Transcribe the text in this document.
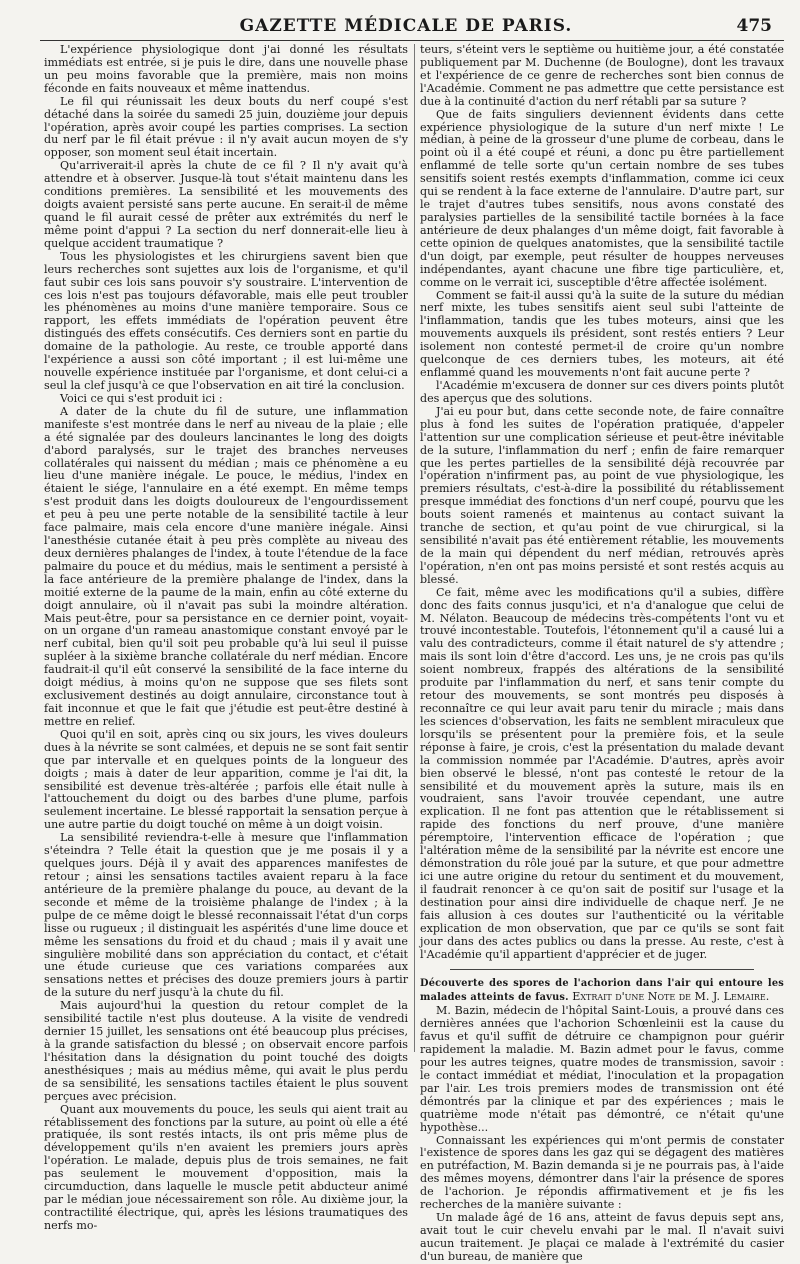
GAZETTE MÉDICALE DE PARIS.	475

L'expérience physiologique dont j'ai donné les résultats immédiats est entrée, si je puis le dire, dans une nouvelle phase un peu moins favorable que la première, mais non moins féconde en faits nouveaux et même inattendus.

Le fil qui réunissait les deux bouts du nerf coupé s'est détaché dans la soirée du samedi 25 juin, douzième jour depuis l'opération, après avoir coupé les parties comprises. La section du nerf par le fil était prévue : il n'y avait aucun moyen de s'y opposer, son moment seul était incertain.

Qu'arriverait-il après la chute de ce fil ? Il n'y avait qu'à attendre et à observer. Jusque-là tout s'était maintenu dans les conditions premières. La sensibilité et les mouvements des doigts avaient persisté sans perte aucune. En serait-il de même quand le fil aurait cessé de prêter aux extrémités du nerf le même point d'appui ? La section du nerf donnerait-elle lieu à quelque accident traumatique ?

Tous les physiologistes et les chirurgiens savent bien que leurs recherches sont sujettes aux lois de l'organisme, et qu'il faut subir ces lois sans pouvoir s'y soustraire. L'intervention de ces lois n'est pas toujours défavorable, mais elle peut troubler les phénomènes au moins d'une manière temporaire. Sous ce rapport, les effets immédiats de l'opération peuvent être distingués des effets consécutifs. Ces derniers sont en partie du domaine de la pathologie. Au reste, ce trouble apporté dans l'expérience a aussi son côté important ; il est lui-même une nouvelle expérience instituée par l'organisme, et dont celui-ci a seul la clef jusqu'à ce que l'observation en ait tiré la conclusion.

Voici ce qui s'est produit ici :

A dater de la chute du fil de suture, une inflammation manifeste s'est montrée dans le nerf au niveau de la plaie ; elle a été signalée par des douleurs lancinantes le long des doigts d'abord paralysés, sur le trajet des branches nerveuses collatérales qui naissent du médian ; mais ce phénomène a eu lieu d'une manière inégale. Le pouce, le médius, l'index en étaient le siége, l'annulaire en a été exempt. En même temps s'est produit dans les doigts douloureux de l'engourdissement et peu à peu une perte notable de la sensibilité tactile à leur face palmaire, mais cela encore d'une manière inégale. Ainsi l'anesthésie cutanée était à peu près complète au niveau des deux dernières phalanges de l'index, à toute l'étendue de la face palmaire du pouce et du médius, mais le sentiment a persisté à la face antérieure de la première phalange de l'index, dans la moitié externe de la paume de la main, enfin au côté externe du doigt annulaire, où il n'avait pas subi la moindre altération. Mais peut-être, pour sa persistance en ce dernier point, voyait-on un organe d'un rameau anastomique constant envoyé par le nerf cubital, bien qu'il soit peu probable qu'à lui seul il puisse supléer à la sixième branche collatérale du nerf médian. Encore faudrait-il qu'il eût conservé la sensibilité de la face interne du doigt médius, à moins qu'on ne suppose que ses filets sont exclusivement destinés au doigt annulaire, circonstance tout à fait inconnue et que le fait que j'étudie est peut-être destiné à mettre en relief.

Quoi qu'il en soit, après cinq ou six jours, les vives douleurs dues à la névrite se sont calmées, et depuis ne se sont fait sentir que par intervalle et en quelques points de la longueur des doigts ; mais à dater de leur apparition, comme je l'ai dit, la sensibilité est devenue très-altérée ; parfois elle était nulle à l'attouchement du doigt ou des barbes d'une plume, parfois seulement incertaine. Le blessé rapportait la sensation perçue à une autre partie du doigt touché on même à un doigt voisin.

La sensibilité reviendra-t-elle à mesure que l'inflammation s'éteindra ? Telle était la question que je me posais il y a quelques jours. Déjà il y avait des apparences manifestes de retour ; ainsi les sensations tactiles avaient reparu à la face antérieure de la première phalange du pouce, au devant de la seconde et même de la troisième phalange de l'index ; à la pulpe de ce même doigt le blessé reconnaissait l'état d'un corps lisse ou rugueux ; il distinguait les aspérités d'une lime douce et même les sensations du froid et du chaud ; mais il y avait une singulière mobilité dans son appréciation du contact, et c'était une étude curieuse que ces variations comparées aux sensations nettes et précises des douze premiers jours à partir de la suture du nerf jusqu'à la chute du fil.

Mais aujourd'hui la question du retour complet de la sensibilité tactile n'est plus douteuse. A la visite de vendredi dernier 15 juillet, les sensations ont été beaucoup plus précises, à la grande satisfaction du blessé ; on observait encore parfois l'hésitation dans la désignation du point touché des doigts anesthésiques ; mais au médius même, qui avait le plus perdu de sa sensibilité, les sensations tactiles étaient le plus souvent perçues avec précision.

Quant aux mouvements du pouce, les seuls qui aient trait au rétablissement des fonctions par la suture, au point où elle a été pratiquée, ils sont restés intacts, ils ont pris même plus de développement qu'ils n'en avaient les premiers jours après l'opération. Le malade, depuis plus de trois semaines, ne fait pas seulement le mouvement d'opposition, mais la circumduction, dans laquelle le muscle petit abducteur animé par le médian joue nécessairement son rôle. Au dixième jour, la contractilité électrique, qui, après les lésions traumatiques des nerfs mo-

teurs, s'éteint vers le septième ou huitième jour, a été constatée publiquement par M. Duchenne (de Boulogne), dont les travaux et l'expérience de ce genre de recherches sont bien connus de l'Académie. Comment ne pas admettre que cette persistance est due à la continuité d'action du nerf rétabli par sa suture ?

Que de faits singuliers deviennent évidents dans cette expérience physiologique de la suture d'un nerf mixte ! Le médian, à peine de la grosseur d'une plume de corbeau, dans le point où il a été coupé et réuni, a donc pu être partiellement enflammé de telle sorte qu'un certain nombre de ses tubes sensitifs soient restés exempts d'inflammation, comme ici ceux qui se rendent à la face externe de l'annulaire. D'autre part, sur le trajet d'autres tubes sensitifs, nous avons constaté des paralysies partielles de la sensibilité tactile bornées à la face antérieure de deux phalanges d'un même doigt, fait favorable à cette opinion de quelques anatomistes, que la sensibilité tactile d'un doigt, par exemple, peut résulter de houppes nerveuses indépendantes, ayant chacune une fibre tige particulière, et, comme on le verrait ici, susceptible d'être affectée isolément.

Comment se fait-il aussi qu'à la suite de la suture du médian nerf mixte, les tubes sensitifs aient seul subi l'atteinte de l'inflammation, tandis que les tubes moteurs, ainsi que les mouvements auxquels ils président, sont restés entiers ? Leur isolement non contesté permet-il de croire qu'un nombre quelconque de ces derniers tubes, les moteurs, ait été enflammé quand les mouvements n'ont fait aucune perte ?

l'Académie m'excusera de donner sur ces divers points plutôt des aperçus que des solutions.

J'ai eu pour but, dans cette seconde note, de faire connaître plus à fond les suites de l'opération pratiquée, d'appeler l'attention sur une complication sérieuse et peut-être inévitable de la suture, l'inflammation du nerf ; enfin de faire remarquer que les pertes partielles de la sensibilité déjà recouvrée par l'opération n'infirment pas, au point de vue physiologique, les premiers résultats, c'est-à-dire la possibilité du rétablissement presque immédiat des fonctions d'un nerf coupé, pourvu que les bouts soient ramenés et maintenus au contact suivant la tranche de section, et qu'au point de vue chirurgical, si la sensibilité n'avait pas été entièrement rétablie, les mouvements de la main qui dépendent du nerf médian, retrouvés après l'opération, n'en ont pas moins persisté et sont restés acquis au blessé.

Ce fait, même avec les modifications qu'il a subies, diffère donc des faits connus jusqu'ici, et n'a d'analogue que celui de M. Nélaton. Beaucoup de médecins très-compétents l'ont vu et trouvé incontestable. Toutefois, l'étonnement qu'il a causé lui a valu des contradicteurs, comme il était naturel de s'y attendre ; mais ils sont loin d'être d'accord. Les uns, je ne crois pas qu'ils soient nombreux, frappés des altérations de la sensibilité produite par l'inflammation du nerf, et sans tenir compte du retour des mouvements, se sont montrés peu disposés à reconnaître ce qui leur avait paru tenir du miracle ; mais dans les sciences d'observation, les faits ne semblent miraculeux que lorsqu'ils se présentent pour la première fois, et la seule réponse à faire, je crois, c'est la présentation du malade devant la commission nommée par l'Académie. D'autres, après avoir bien observé le blessé, n'ont pas contesté le retour de la sensibilité et du mouvement après la suture, mais ils en voudraient, sans l'avoir trouvée cependant, une autre explication. Il ne font pas attention que le rétablissement si rapide des fonctions du nerf prouve, d'une manière péremptoire, l'intervention efficace de l'opération ; que l'altération même de la sensibilité par la névrite est encore une démonstration du rôle joué par la suture, et que pour admettre ici une autre origine du retour du sentiment et du mouvement, il faudrait renoncer à ce qu'on sait de positif sur l'usage et la destination pour ainsi dire individuelle de chaque nerf. Je ne fais allusion à ces doutes sur l'authenticité ou la véritable explication de mon observation, que par ce qu'ils se sont fait jour dans des actes publics ou dans la presse. Au reste, c'est à l'Académie qu'il appartient d'apprécier et de juger.

Découverte des spores de l'achorion dans l'air qui entoure les malades atteints de favus. Extrait d'une Note de M. J. Lemaire.

M. Bazin, médecin de l'hôpital Saint-Louis, a prouvé dans ces dernières années que l'achorion Schœnleinii est la cause du favus et qu'il suffit de détruire ce champignon pour guérir rapidement la maladie. M. Bazin admet pour le favus, comme pour les autres teignes, quatre modes de transmission, savoir : le contact immédiat et médiat, l'inoculation et la propagation par l'air. Les trois premiers modes de transmission ont été démontrés par la clinique et par des expériences ; mais le quatrième mode n'était pas démontré, ce n'était qu'une hypothèse...

Connaissant les expériences qui m'ont permis de constater l'existence de spores dans les gaz qui se dégagent des matières en putréfaction, M. Bazin demanda si je ne pourrais pas, à l'aide des mêmes moyens, démontrer dans l'air la présence de spores de l'achorion. Je répondis affirmativement et je fis les recherches de la manière suivante :

Un malade âgé de 16 ans, atteint de favus depuis sept ans, avait tout le cuir chevelu envahi par le mal. Il n'avait suivi aucun traitement. Je plaçai ce malade à l'extrémité du casier d'un bureau, de manière que
